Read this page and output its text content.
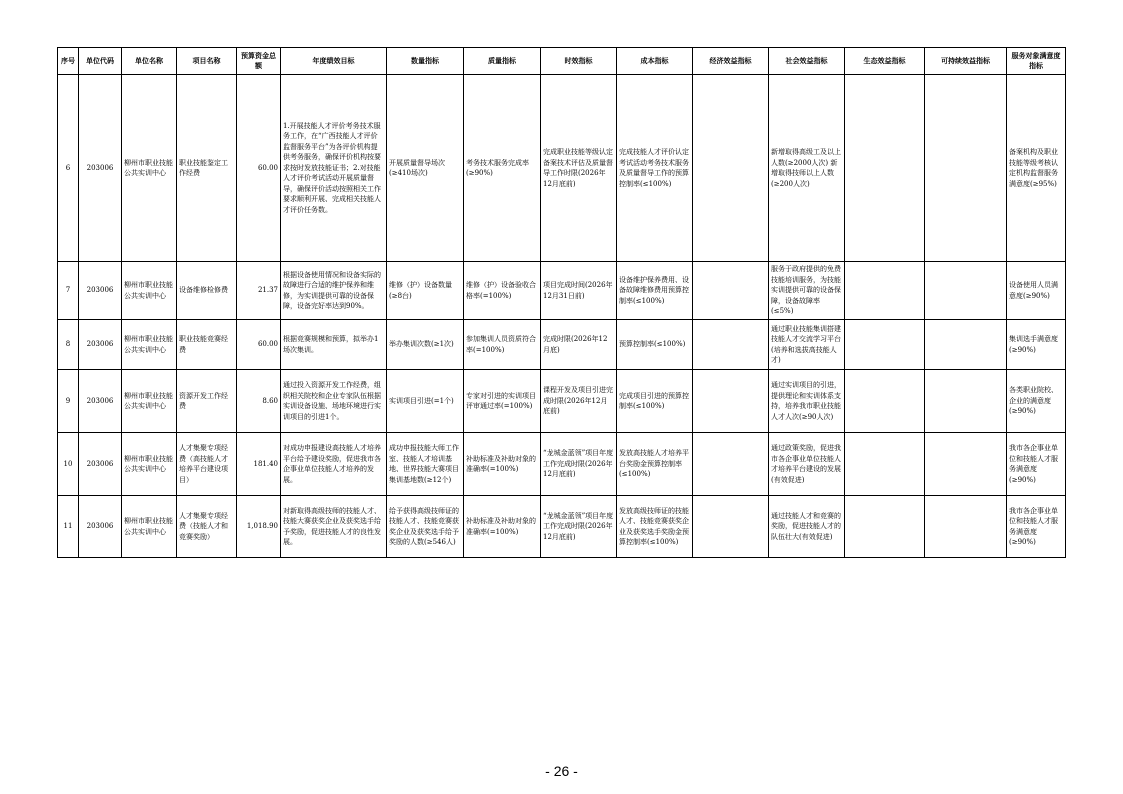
序号	单位代码	单位名称	项目名称	预算资金总额	年度绩效目标	数量指标	质量指标	时效指标	成本指标	经济效益指标	社会效益指标	生态效益指标	可持续效益指标	服务对象满意度指标
6	203006	柳州市职业技能公共实训中心	职业技能鉴定工作经费	60.00	1.开展技能人才评价考务技术服务工作，在“广西技能人才评价监督服务平台”为各评价机构提供考务服务，确保评价机构按要求按时发放技能证书；2.对技能人才评价考试活动开展质量督导，确保评价活动按照相关工作要求顺利开展、完成相关技能人才评价任务数。	开展质量督导场次(≥410场次)	考务技术服务完成率(≥90%)	完成职业技能等级认定备案技术评估及质量督导工作时限(2026年12月底前)	完成技能人才评价认定考试活动考务技术服务及质量督导工作的预算控制率(≤100%)		新增取得高级工及以上人数(≥2000人次) 新增取得技师以上人数(≥200人次)			备案机构及职业技能等级考核认定机构监督服务满意度(≥95%)
7	203006	柳州市职业技能公共实训中心	设备维修检修费	21.37	根据设备使用情况和设备实际的故障进行合适的维护保养和维修，为实训提供可靠的设备保障，设备完好率达到90%。	维修（护）设备数量(≥8台)	维修（护）设备验收合格率(=100%)	项目完成时间(2026年12月31日前)	设备维护保养费用、设备故障维修费用预算控制率(≤100%)		服务于政府提供的免费技能培训服务，为技能实训提供可靠的设备保障，设备故障率(≤5%)			设备使用人员满意度(≥90%)
8	203006	柳州市职业技能公共实训中心	职业技能竞赛经费	60.00	根据竞赛规模和预算，拟举办1场次集训。	举办集训次数(≥1次)	参加集训人员资质符合率(=100%)	完成时限(2026年12月底)	预算控制率(≤100%)		通过职业技能集训搭建技能人才交流学习平台(培养和选拔高技能人才)			集训选手满意度(≥90%)
9	203006	柳州市职业技能公共实训中心	资源开发工作经费	8.60	通过投入资源开发工作经费，组织相关院校和企业专家队伍根据实训设备设施、场地环境进行实训项目的引进1个。	实训项目引进(=1个)	专家对引进的实训项目评审通过率(=100%)	课程开发及项目引进完成时限(2026年12月底前)	完成项目引进的预算控制率(≤100%)		通过实训项目的引进，提供理论和实训体系支持，培养我市职业技能人才人次(≥90人次)			各类职业院校、企业的满意度(≥90%)
10	203006	柳州市职业技能公共实训中心	人才集聚专项经费（高技能人才培养平台建设项目）	181.40	对成功申报建设高技能人才培养平台给予建设奖励，促进我市各企事业单位技能人才培养的发展。	成功申报技能大师工作室、技能人才培训基地、世界技能大赛项目集训基地数(≥12个)	补助标准及补助对象的准确率(=100%)	“龙城金蓝领”项目年度工作完成时限(2026年12月底前)	发放高技能人才培养平台奖励金预算控制率(≤100%)		通过政策奖励，促进我市各企事业单位技能人才培养平台建设的发展(有效促进)			我市各企事业单位和技能人才服务满意度(≥90%)
11	203006	柳州市职业技能公共实训中心	人才集聚专项经费（技能人才和竞赛奖励）	1,018.90	对新取得高级技师的技能人才、技能大赛获奖企业及获奖选手给予奖励，促进技能人才的良性发展。	给予获得高级技师证的技能人才、技能竞赛获奖企业及获奖选手给予奖励的人数(≥546人)	补助标准及补助对象的准确率(=100%)	“龙城金蓝领”项目年度工作完成时限(2026年12月底前)	发放高级技师证的技能人才、技能竞赛获奖企业及获奖选手奖励金预算控制率(≤100%)		通过技能人才和竞赛的奖励，促进技能人才的队伍壮大(有效促进)			我市各企事业单位和技能人才服务满意度(≥90%)
- 26 -
